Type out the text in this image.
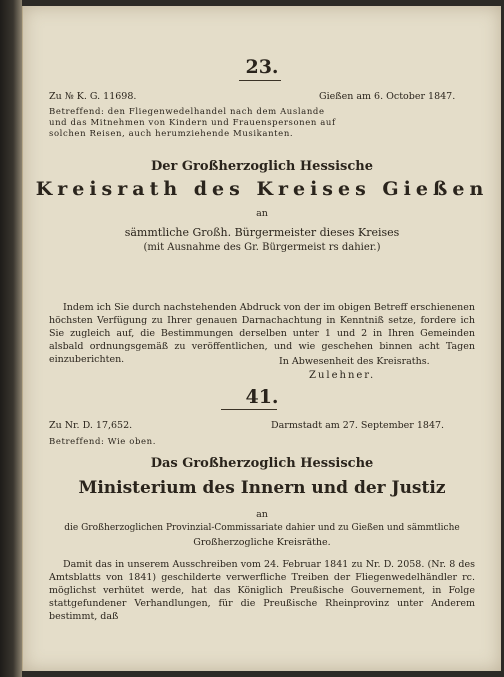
23.
Zu № K. G. 11698.	Gießen am 6. October 1847.
Betreffend: den Fliegenwedelhandel nach dem Auslande und das Mitnehmen von Kindern und Frauenspersonen auf solchen Reisen, auch herumziehende Musikanten.
Der Großherzoglich Hessische
Kreisrath des Kreises Gießen
an
sämmtliche Großh. Bürgermeister dieses Kreises
(mit Ausnahme des Gr. Bürgermeist rs dahier.)
Indem ich Sie durch nachstehenden Abdruck von der im obigen Betreff erschienenen höchsten Verfügung zu Ihrer genauen Darnachachtung in Kenntniß setze, fordere ich Sie zugleich auf, die Bestimmungen derselben unter 1 und 2 in Ihren Gemeinden alsbald ordnungsgemäß zu veröffentlichen, und wie geschehen binnen acht Tagen einzuberichten.	In Abwesenheit des Kreisraths.
Zulehner.
41.
Zu Nr. D. 17,652.	Darmstadt am 27. September 1847.
Betreffend: Wie oben.
Das Großherzoglich Hessische
Ministerium des Innern und der Justiz
an
die Großherzoglichen Provinzial-Commissariate dahier und zu Gießen und sämmtliche
Großherzogliche Kreisräthe.
Damit das in unserem Ausschreiben vom 24. Februar 1841 zu Nr. D. 2058. (Nr. 8 des Amtsblatts von 1841) geschilderte verwerfliche Treiben der Fliegenwedelhändler rc. möglichst verhütet werde, hat das Königlich Preußische Gouvernement, in Folge stattgefundener Verhandlungen, für die Preußische Rheinprovinz unter Anderem bestimmt, daß
